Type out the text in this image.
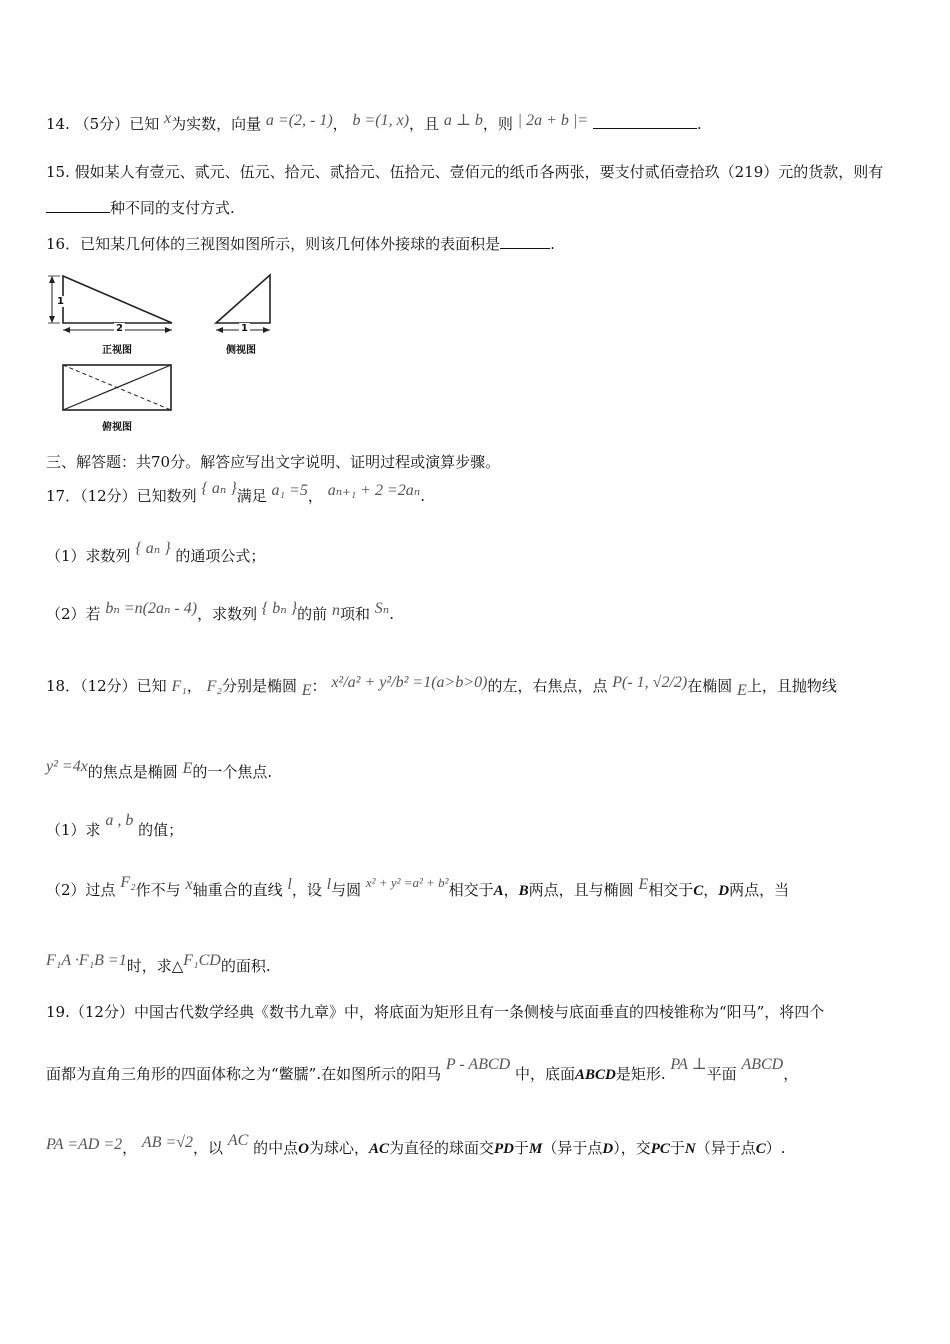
14. （5分）已知 x为实数，向量 a =(2, - 1)， b =(1, x)，且 a ⊥ b，则 | 2a + b |=	.
15. 假如某人有壹元、贰元、伍元、拾元、贰拾元、伍拾元、壹佰元的纸币各两张，要支付贰佰壹拾玖（219）元的货款，则有
种不同的支付方式.
16．已知某几何体的三视图如图所示，则该几何体外接球的表面积是	.
1
2
正视图
1
侧视图
俯视图
三、解答题：共70分。解答应写出文字说明、证明过程或演算步骤。
17．（12分）已知数列 { aₙ }满足 a₁ =5， aₙ₊₁ + 2 =2aₙ.
（1）求数列 { aₙ } 的通项公式；
（2）若 bₙ =n(2aₙ - 4)，求数列 { bₙ }的前 n项和 Sₙ.
18．（12分）已知 F₁， F₂分别是椭圆 E： x²/a² + y²/b² =1(a>b>0)的左，右焦点，点 P(- 1, √2/2)在椭圆 E上，且抛物线
y² =4x的焦点是椭圆 E的一个焦点.
（1）求 a , b 的值；
（2）过点 F₂作不与 x轴重合的直线 l，设 l与圆 x² + y² =a² + b²相交于A，B两点，且与椭圆 E相交于C，D两点，当
F₁A ·F₁B =1时，求△F₁CD的面积.
19.（12分）中国古代数学经典《数书九章》中，将底面为矩形且有一条侧棱与底面垂直的四棱锥称为“阳马”，将四个
面都为直角三角形的四面体称之为“鳖臑”.在如图所示的阳马 P - ABCD 中，底面ABCD是矩形. PA ⊥平面 ABCD，
PA =AD =2， AB =√2，以 AC 的中点O为球心，AC为直径的球面交PD于M（异于点D），交PC于N（异于点C）.
